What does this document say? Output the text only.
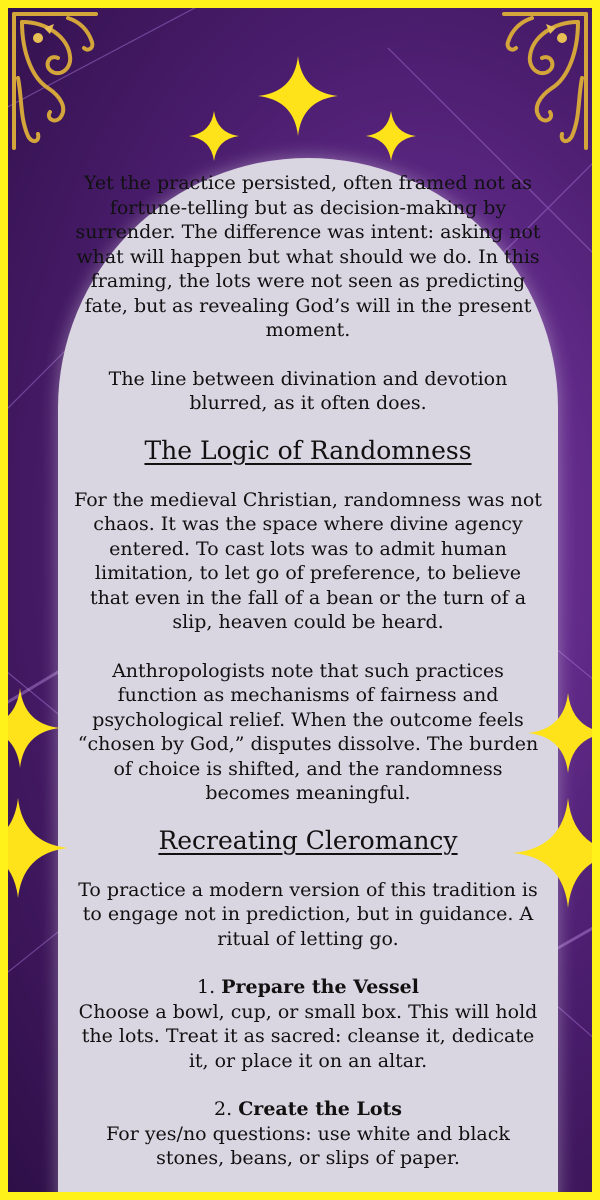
Yet the practice persisted, often framed not as fortune-telling but as decision-making by surrender. The difference was intent: asking not what will happen but what should we do. In this framing, the lots were not seen as predicting fate, but as revealing God’s will in the present moment.

The line between divination and devotion blurred, as it often does.

The Logic of Randomness

For the medieval Christian, randomness was not chaos. It was the space where divine agency entered. To cast lots was to admit human limitation, to let go of preference, to believe that even in the fall of a bean or the turn of a slip, heaven could be heard.

Anthropologists note that such practices function as mechanisms of fairness and psychological relief. When the outcome feels “chosen by God,” disputes dissolve. The burden of choice is shifted, and the randomness becomes meaningful.

Recreating Cleromancy

To practice a modern version of this tradition is to engage not in prediction, but in guidance. A ritual of letting go.

1. Prepare the Vessel

Choose a bowl, cup, or small box. This will hold the lots. Treat it as sacred: cleanse it, dedicate it, or place it on an altar.

2. Create the Lots

For yes/no questions: use white and black stones, beans, or slips of paper.
